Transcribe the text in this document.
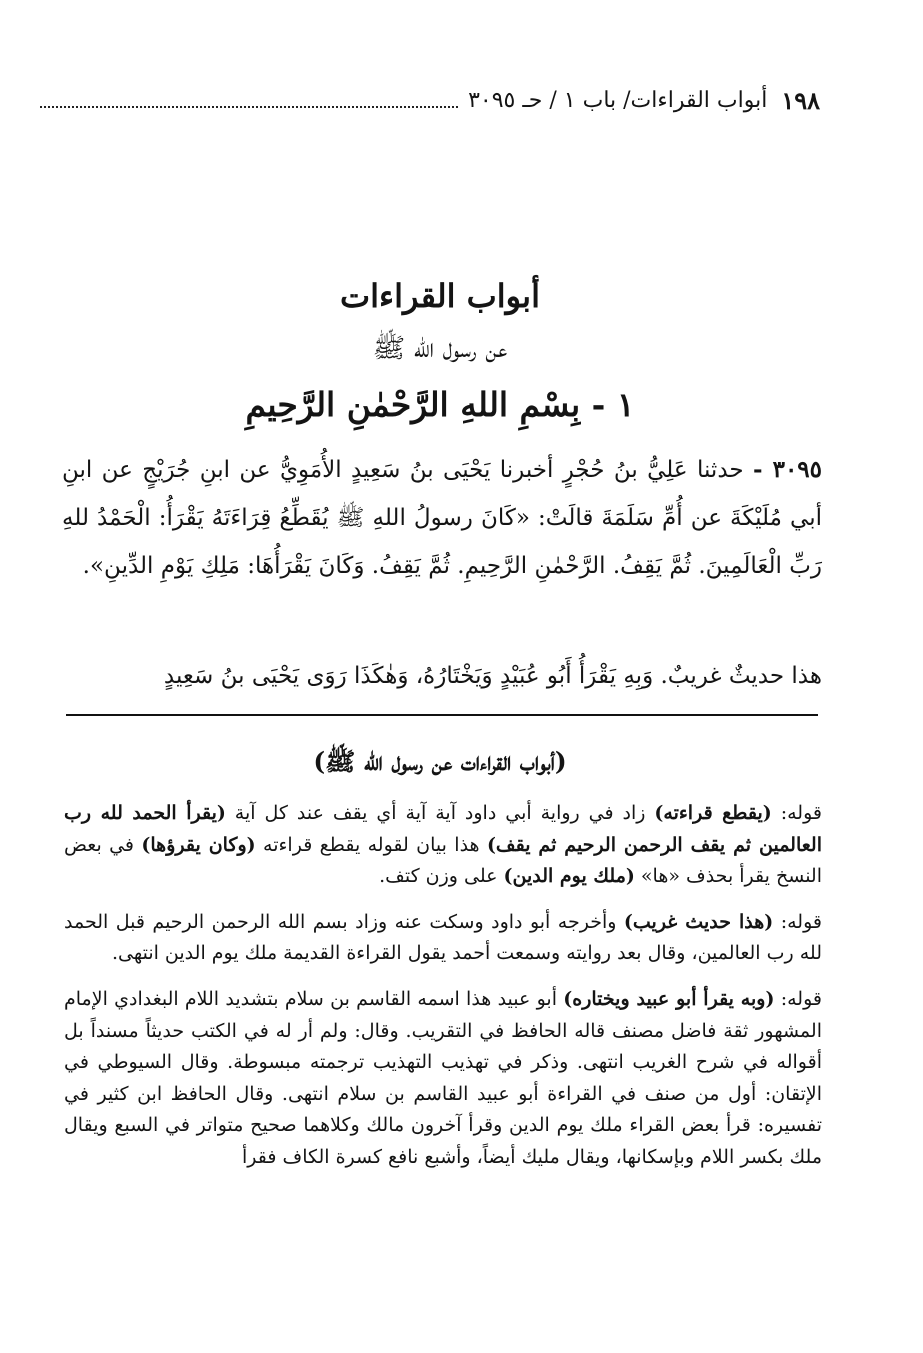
١٩٨
أبواب القراءات/ باب ١ / حـ ٣٠٩٥
أبواب القراءات

عن رسول الله ﷺ

١ - بِسْمِ اللهِ الرَّحْمٰنِ الرَّحِيمِ
٣٠٩٥ - حدثنا عَلِيُّ بنُ حُجْرٍ أخبرنا يَحْيَى بنُ سَعِيدٍ الأُمَوِيُّ عن ابنِ جُرَيْجٍ عن ابنِ أبي مُلَيْكَةَ عن أُمِّ سَلَمَةَ قالَتْ: «كَانَ رسولُ اللهِ ﷺ يُقَطِّعُ قِرَاءَتَهُ يَقْرَأُ: الْحَمْدُ للهِ رَبِّ الْعَالَمِينَ. ثُمَّ يَقِفُ. الرَّحْمٰنِ الرَّحِيمِ. ثُمَّ يَقِفُ. وَكَانَ يَقْرَأُهَا: مَلِكِ يَوْمِ الدِّينِ».
هذا حديثٌ غريبٌ. وَبِهِ يَقْرَأُ أَبُو عُبَيْدٍ وَيَخْتَارُهُ، وَهٰكَذَا رَوَى يَحْيَى بنُ سَعِيدٍ
(أبواب القراءات عن رسول الله ﷺ)

قوله: (يقطع قراءته) زاد في رواية أبي داود آية آية أي يقف عند كل آية (يقرأ الحمد لله رب العالمين ثم يقف الرحمن الرحيم ثم يقف) هذا بيان لقوله يقطع قراءته (وكان يقرؤها) في بعض النسخ يقرأ بحذف «ها» (ملك يوم الدين) على وزن كتف.

قوله: (هذا حديث غريب) وأخرجه أبو داود وسكت عنه وزاد بسم الله الرحمن الرحيم قبل الحمد لله رب العالمين، وقال بعد روايته وسمعت أحمد يقول القراءة القديمة ملك يوم الدين انتهى.

قوله: (وبه يقرأ أبو عبيد ويختاره) أبو عبيد هذا اسمه القاسم بن سلام بتشديد اللام البغدادي الإمام المشهور ثقة فاضل مصنف قاله الحافظ في التقريب. وقال: ولم أر له في الكتب حديثاً مسنداً بل أقواله في شرح الغريب انتهى. وذكر في تهذيب التهذيب ترجمته مبسوطة. وقال السيوطي في الإتقان: أول من صنف في القراءة أبو عبيد القاسم بن سلام انتهى. وقال الحافظ ابن كثير في تفسيره: قرأ بعض القراء ملك يوم الدين وقرأ آخرون مالك وكلاهما صحيح متواتر في السبع ويقال ملك بكسر اللام وبإسكانها، ويقال مليك أيضاً، وأشبع نافع كسرة الكاف فقرأ
